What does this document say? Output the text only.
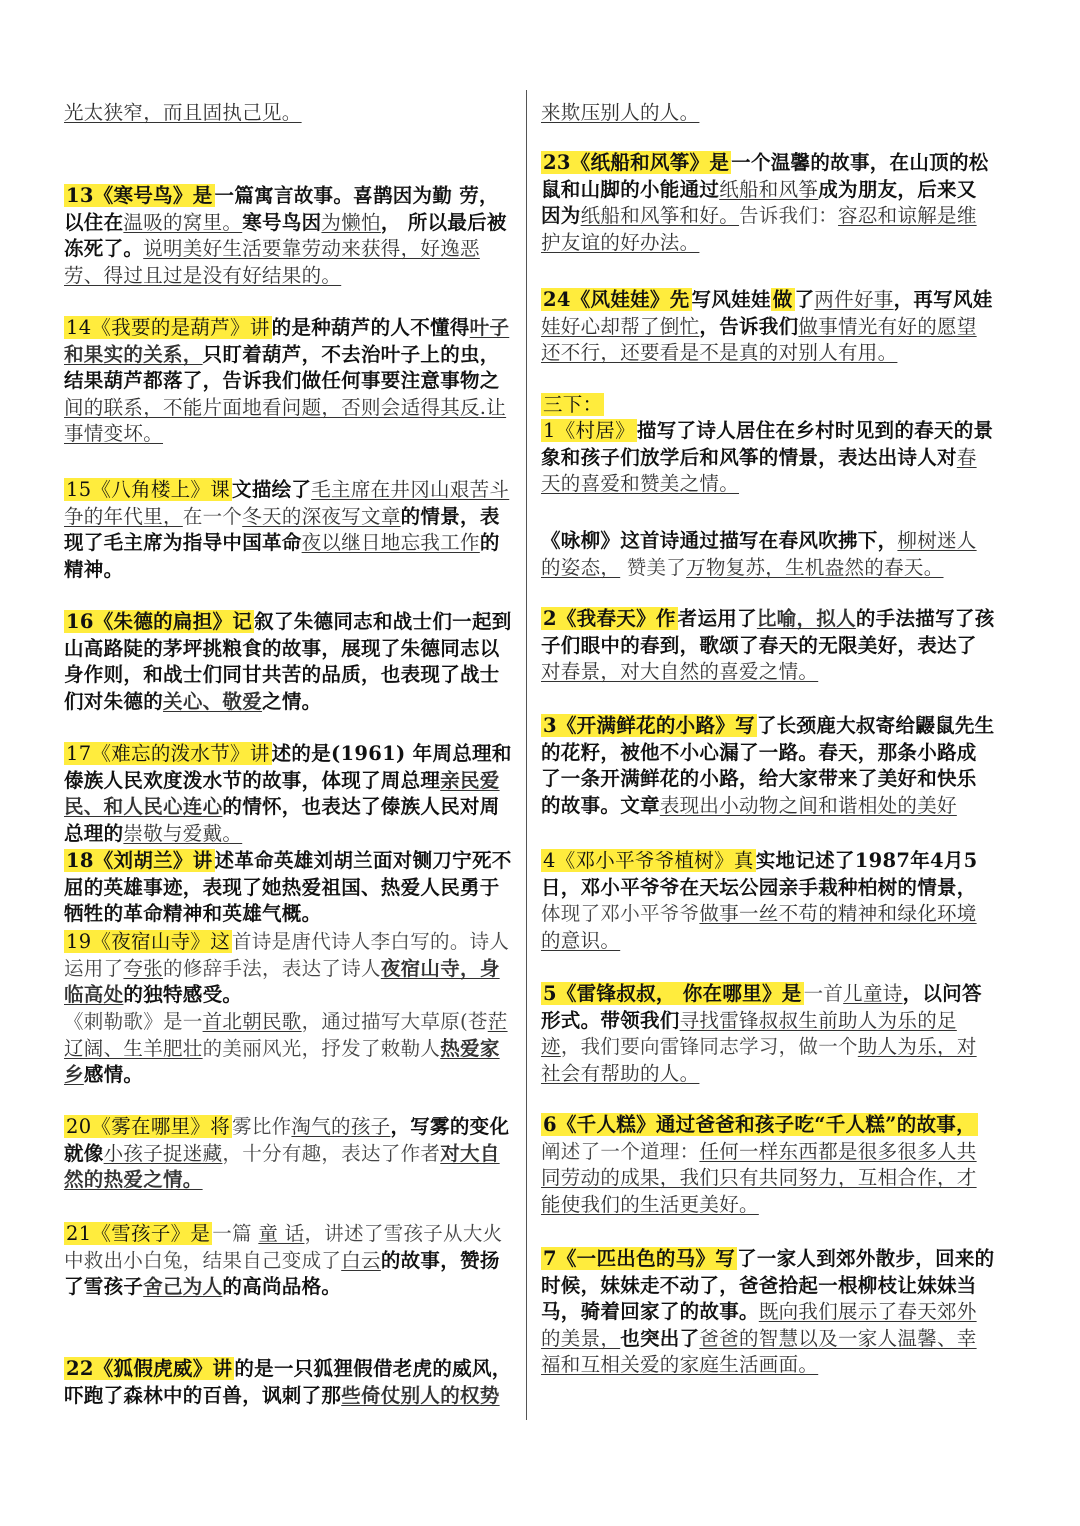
光太狭窄，而且固执己见。

13《寒号鸟》是 一篇寓言故事。喜鹊因为勤 劳，以住在温吸的窝里。寒号鸟因为懒怕， 所以最后被冻死了。说明美好生活要靠劳动来获得，好逸恶劳、得过且过是没有好结果的。

14《我要的是葫芦》讲 的是种葫芦的人不懂得叶子和果实的关系，只盯着葫芦，不去治叶子上的虫，结果葫芦都落了，告诉我们做任何事要注意事物之间的联系，不能片面地看问题，否则会适得其反.让事情变坏。

15《八角楼上》课 文描绘了毛主席在井冈山艰苦斗争的年代里，在一个冬天的深夜写文章的情景，表现了毛主席为指导中国革命夜以继日地忘我工作的精神。

16《朱德的扁担》记 叙了朱德同志和战士们一起到山高路陡的茅坪挑粮食的故事，展现了朱德同志以身作则，和战士们同甘共苦的品质，也表现了战士们对朱德的关心、敬爱之情。

17《难忘的泼水节》讲 述的是(1961) 年周总理和傣族人民欢度泼水节的故事，体现了周总理亲民爱民、和人民心连心的情怀，也表达了傣族人民对周总理的崇敬与爱戴。

18《刘胡兰》讲 述革命英雄刘胡兰面对铡刀宁死不屈的英雄事迹，表现了她热爱祖国、热爱人民勇于牺牲的革命精神和英雄气概。

19《夜宿山寺》这 首诗是唐代诗人李白写的。诗人运用了夸张的修辞手法，表达了诗人夜宿山寺，身临高处的独特感受。

《刺勒歌》是一首北朝民歌，通过描写大草原(苍茫辽阔、生羊肥壮的美丽风光，抒发了敕勒人热爱家乡感情。

20《雾在哪里》将 雾比作淘气的孩子，写雾的变化就像小孩子捉迷藏，十分有趣，表达了作者对大自然的热爱之情。

21《雪孩子》是 一篇 童 话，讲述了雪孩子从大火中救出小白兔，结果自己变成了白云的故事，赞扬了雪孩子舍己为人的高尚品格。

22《狐假虎威》讲 的是一只狐狸假借老虎的威风，吓跑了森林中的百兽，讽刺了那些倚仗别人的权势

来欺压别人的人。

23《纸船和风筝》是 一个温馨的故事，在山顶的松鼠和山脚的小能通过纸船和风筝成为朋友，后来又因为纸船和风筝和好。告诉我们：容忍和谅解是维护友谊的好办法。

24《风娃娃》先 写风娃娃 做 了两件好事，再写风娃娃好心却帮了倒忙，告诉我们做事情光有好的愿望还不行，还要看是不是真的对别人有用。

三下：

1《村居》 描写了诗人居住在乡村时见到的春天的景象和孩子们放学后和风筝的情景，表达出诗人对春天的喜爱和赞美之情。

《咏柳》这首诗通过描写在春风吹拂下，柳树迷人的姿态， 赞美了万物复苏，生机盎然的春天。

2《我春天》作 者运用了比喻，拟人的手法描写了孩子们眼中的春到，歌颂了春天的无限美好，表达了对春景，对大自然的喜爱之情。

3《开满鲜花的小路》写 了长颈鹿大叔寄给鼹鼠先生的花籽，被他不小心漏了一路。春天，那条小路成了一条开满鲜花的小路，给大家带来了美好和快乐的故事。文章表现出小动物之间和谐相处的美好

4《邓小平爷爷植树》真 实地记述了1987年4月5日，邓小平爷爷在天坛公园亲手栽种柏树的情景，体现了邓小平爷爷做事一丝不苟的精神和绿化环境的意识。

5《雷锋叔叔， 你在哪里》是 一首儿童诗，以问答形式。带领我们寻找雷锋叔叔生前助人为乐的足迹，我们要向雷锋同志学习，做一个助人为乐，对社会有帮助的人。

6《千人糕》通过爸爸和孩子吃“千人糕”的故事，阐述了一个道理：任何一样东西都是很多很多人共同劳动的成果，我们只有共同努力，互相合作，才能使我们的生活更美好。

7《一匹出色的马》写 了一家人到郊外散步，回来的时候，妹妹走不动了，爸爸拾起一根柳枝让妹妹当马，骑着回家了的故事。既向我们展示了春天郊外的美景，也突出了爸爸的智慧以及一家人温馨、幸福和互相关爱的家庭生活画面。
